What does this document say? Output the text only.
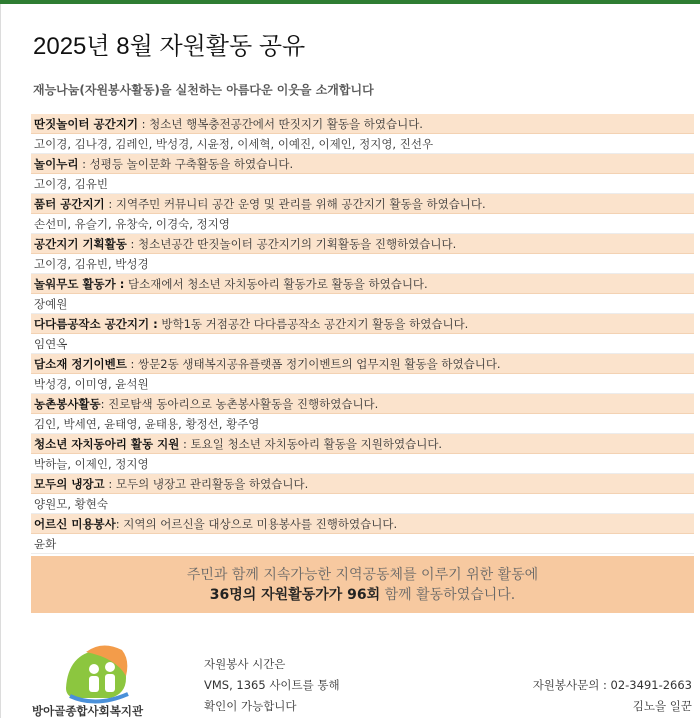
2025년 8월 자원활동 공유
재능나눔(자원봉사활동)을 실천하는 아름다운 이웃을 소개합니다
딴짓놀이터 공간지기 : 청소년 행복충전공간에서 딴짓지기 활동을 하였습니다.
고이경, 김나경, 김레인, 박성경, 시윤정, 이세혁, 이예진, 이제인, 정지영, 진선우
놀이누리 : 성평등 놀이문화 구축활동을 하였습니다.
고이경, 김유빈
품터 공간지기 : 지역주민 커뮤니티 공간 운영 및 관리를 위해 공간지기 활동을 하였습니다.
손선미, 유슬기, 유창숙, 이경숙, 정지영
공간지기 기획활동 : 청소년공간 딴짓놀이터 공간지기의 기획활동을 진행하였습니다.
고이경, 김유빈, 박성경
놀워무도 활동가 : 담소재에서 청소년 자치동아리 활동가로 활동을 하였습니다.
장예원
다다름공작소 공간지기 : 방학1동 거점공간 다다름공작소 공간지기 활동을 하였습니다.
임연옥
담소재 정기이벤트 : 쌍문2동 생태복지공유플랫폼 정기이벤트의 업무지원 활동을 하였습니다.
박성경, 이미영, 윤석원
농촌봉사활동: 진로탐색 동아리으로 농촌봉사활동을 진행하였습니다.
김인, 박세연, 윤태영, 윤태용, 황정선, 황주영
청소년 자치동아리 활동 지원 : 토요일 청소년 자치동아리 활동을 지원하였습니다.
박하늘, 이제인, 정지영
모두의 냉장고 : 모두의 냉장고 관리활동을 하였습니다.
양원모, 황현숙
어르신 미용봉사: 지역의 어르신을 대상으로 미용봉사를 진행하였습니다.
윤화
주민과 함께 지속가능한 지역공동체를 이루기 위한 활동에
36명의 자원활동가가 96회 함께 활동하였습니다.
방아골종합사회복지관
자원봉사 시간은
VMS, 1365 사이트를 통해
확인이 가능합니다
자원봉사문의 : 02-3491-2663
김노을 일꾼
